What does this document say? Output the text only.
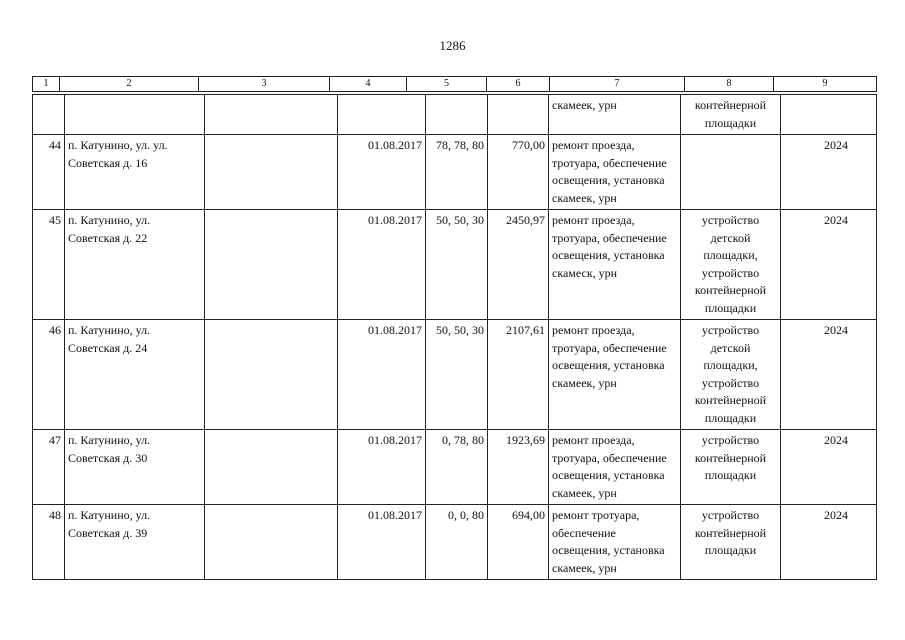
1286
1	2	3	4	5	6	7	8	9
						скамеек, урн	контейнерной площадки	
44	п. Катунино, ул. ул. Советская д. 16		01.08.2017	78, 78, 80	770,00	ремонт проезда, тротуара, обеспечение освещения, установка скамеек, урн		2024
45	п. Катунино, ул. Советская д. 22		01.08.2017	50, 50, 30	2450,97	ремонт проезда, тротуара, обеспечение освещения, установка скамеск, урн	устройство детской площадки, устройство контейнерной площадки	2024
46	п. Катунино, ул. Советская д. 24		01.08.2017	50, 50, 30	2107,61	ремонт проезда, тротуара, обеспечение освещения, установка скамеек, урн	устройство детской площадки, устройство контейнерной площадки	2024
47	п. Катунино, ул. Советская д. 30		01.08.2017	0, 78, 80	1923,69	ремонт проезда, тротуара, обеспечение освещения, установка скамеек, урн	устройство контейнерной площадки	2024
48	п. Катунино, ул. Советская д. 39		01.08.2017	0, 0, 80	694,00	ремонт тротуара, обеспечение освещения, установка скамеек, урн	устройство контейнерной площадки	2024
